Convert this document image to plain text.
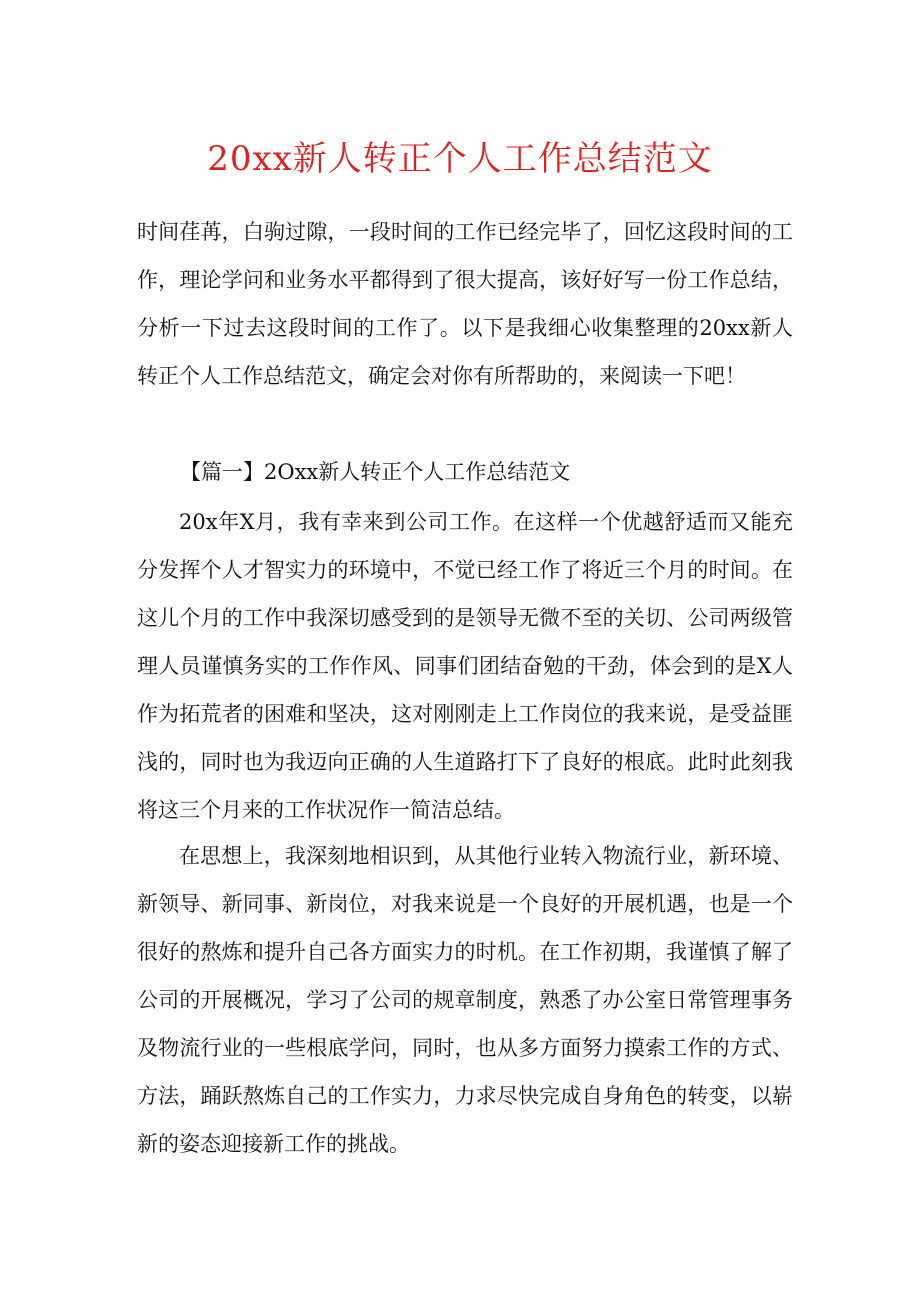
20xx新人转正个人工作总结范文

时间荏苒，白驹过隙，一段时间的工作已经完毕了，回忆这段时间的工作，理论学问和业务水平都得到了很大提高，该好好写一份工作总结，分析一下过去这段时间的工作了。以下是我细心收集整理的20xx新人转正个人工作总结范文，确定会对你有所帮助的，来阅读一下吧！

【篇一】2Oxx新人转正个人工作总结范文

20x年X月，我有幸来到公司工作。在这样一个优越舒适而又能充分发挥个人才智实力的环境中，不觉已经工作了将近三个月的时间。在这儿个月的工作中我深切感受到的是领导无微不至的关切、公司两级管理人员谨慎务实的工作作风、同事们团结奋勉的干劲，体会到的是X人作为拓荒者的困难和坚决，这对刚刚走上工作岗位的我来说，是受益匪浅的，同时也为我迈向正确的人生道路打下了良好的根底。此时此刻我将这三个月来的工作状况作一简洁总结。

在思想上，我深刻地相识到，从其他行业转入物流行业，新环境、新领导、新同事、新岗位，对我来说是一个良好的开展机遇，也是一个很好的熬炼和提升自己各方面实力的时机。在工作初期，我谨慎了解了公司的开展概况，学习了公司的规章制度，熟悉了办公室日常管理事务及物流行业的一些根底学问，同时，也从多方面努力摸索工作的方式、方法，踊跃熬炼自己的工作实力，力求尽快完成自身角色的转变，以崭新的姿态迎接新工作的挑战。
